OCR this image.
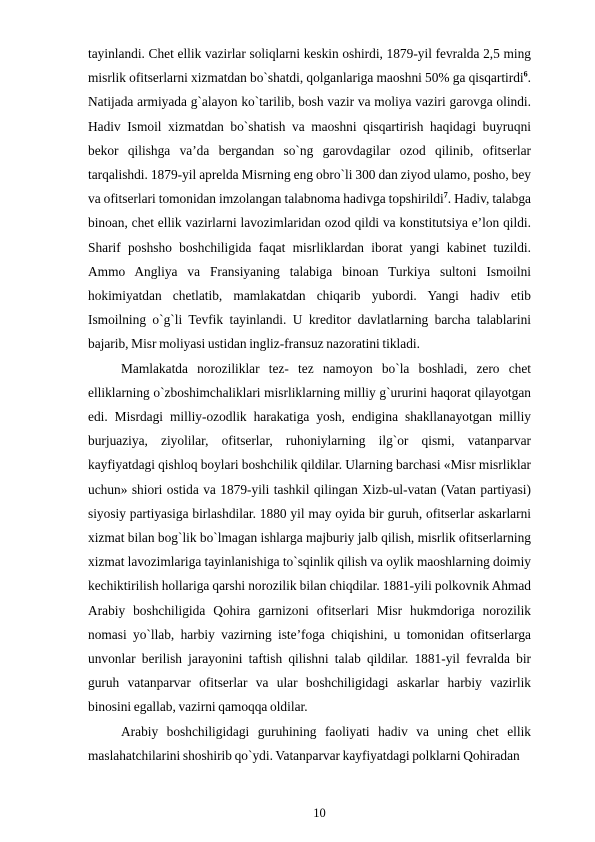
tayinlandi. Chet ellik vazirlar soliqlarni keskin oshirdi, 1879-yil fevralda 2,5 ming misrlik ofitserlarni xizmatdan bo`shatdi, qolganlariga maoshni 50% ga qisqartirdi$^6$. Natijada armiyada g`alayon ko`tarilib, bosh vazir va moliya vaziri garovga olindi. Hadiv Ismoil xizmatdan bo`shatish va maoshni qisqartirish haqidagi buyruqni bekor qilishga va’da bergandan so`ng garovdagilar ozod qilinib, ofitserlar tarqalishdi. 1879-yil aprelda Misrning eng obro`li 300 dan ziyod ulamo, posho, bey va ofitserlari tomonidan imzolangan talabnoma hadivga topshirildi$^7$. Hadiv, talabga binoan, chet ellik vazirlarni lavozimlaridan ozod qildi va konstitutsiya e’lon qildi. Sharif poshsho boshchiligida faqat misrliklardan iborat yangi kabinet tuzildi. Ammo Angliya va Fransiyaning talabiga binoan Turkiya sultoni Ismoilni hokimiyatdan chetlatib, mamlakatdan chiqarib yubordi. Yangi hadiv etib Ismoilning o`g`li Tevfik tayinlandi. U kreditor davlatlarning barcha talablarini bajarib, Misr moliyasi ustidan ingliz-fransuz nazoratini tikladi.

Mamlakatda noroziliklar tez- tez namoyon bo`la boshladi, zero chet elliklarning o`zboshimchaliklari misrliklarning milliy g`ururini haqorat qilayotgan edi. Misrdagi milliy-ozodlik harakatiga yosh, endigina shakllanayotgan milliy burjuaziya, ziyolilar, ofitserlar, ruhoniylarning ilg`or qismi, vatanparvar kayfiyatdagi qishloq boylari boshchilik qildilar. Ularning barchasi «Misr misrliklar uchun» shiori ostida va 1879-yili tashkil qilingan Xizb-ul-vatan (Vatan partiyasi) siyosiy partiyasiga birlashdilar. 1880 yil may oyida bir guruh, ofitserlar askarlarni xizmat bilan bog`lik bo`lmagan ishlarga majburiy jalb qilish, misrlik ofitserlarning xizmat lavozimlariga tayinlanishiga to`sqinlik qilish va oylik maoshlarning doimiy kechiktirilish hollariga qarshi norozilik bilan chiqdilar. 1881-yili polkovnik Ahmad Arabiy boshchiligida Qohira garnizoni ofitserlari Misr hukmdoriga norozilik nomasi yo`llab, harbiy vazirning iste’foga chiqishini, u tomonidan ofitserlarga unvonlar berilish jarayonini taftish qilishni talab qildilar. 1881-yil fevralda bir guruh vatanparvar ofitserlar va ular boshchiligidagi askarlar harbiy vazirlik binosini egallab, vazirni qamoqqa oldilar.

Arabiy boshchiligidagi guruhining faoliyati hadiv va uning chet ellik maslahatchilarini shoshirib qo`ydi. Vatanparvar kayfiyatdagi polklarni Qohiradan

10
